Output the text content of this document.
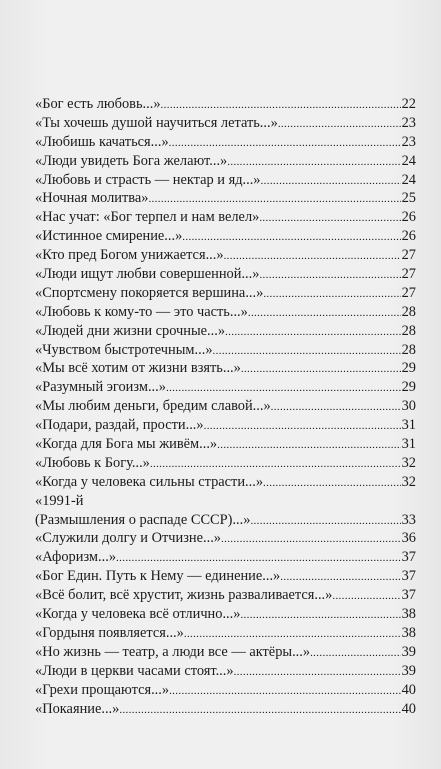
«Бог есть любовь...» . . .	22
«Ты хочешь душой научиться летать...» . . .	23
«Любишь качаться...» . . .	23
«Люди увидеть Бога желают...» . . .	24
«Любовь и страсть — нектар и яд...» . . .	24
«Ночная молитва» . . .	25
«Нас учат: «Бог терпел и нам велел» . . .	26
«Истинное смирение...» . . .	26
«Кто пред Богом унижается...» . . .	27
«Люди ищут любви совершенной...» . . .	27
«Спортсмену покоряется вершина...» . . .	27
«Любовь к кому-то — это часть...» . . .	28
«Людей дни жизни срочные...» . . .	28
«Чувством быстротечным...» . . .	28
«Мы всё хотим от жизни взять...» . . .	29
«Разумный эгоизм...» . . .	29
«Мы любим деньги, бредим славой...» . . .	30
«Подари, раздай, прости...» . . .	31
«Когда для Бога мы живём...» . . .	31
«Любовь к Богу...» . . .	32
«Когда у человека сильны страсти...» . . .	32
«1991-й
(Размышления о распаде СССР)...» . . .	33
«Служили долгу и Отчизне...» . . .	36
«Афоризм...» . . .	37
«Бог Един. Путь к Нему — единение...» . . .	37
«Всё болит, всё хрустит, жизнь разваливается...» . . .	37
«Когда у человека всё отлично...» . . .	38
«Гордыня появляется...» . . .	38
«Но жизнь — театр, а люди все — актёры...» . . .	39
«Люди в церкви часами стоят...» . . .	39
«Грехи прощаются...» . . .	40
«Покаяние...» . . .	40
